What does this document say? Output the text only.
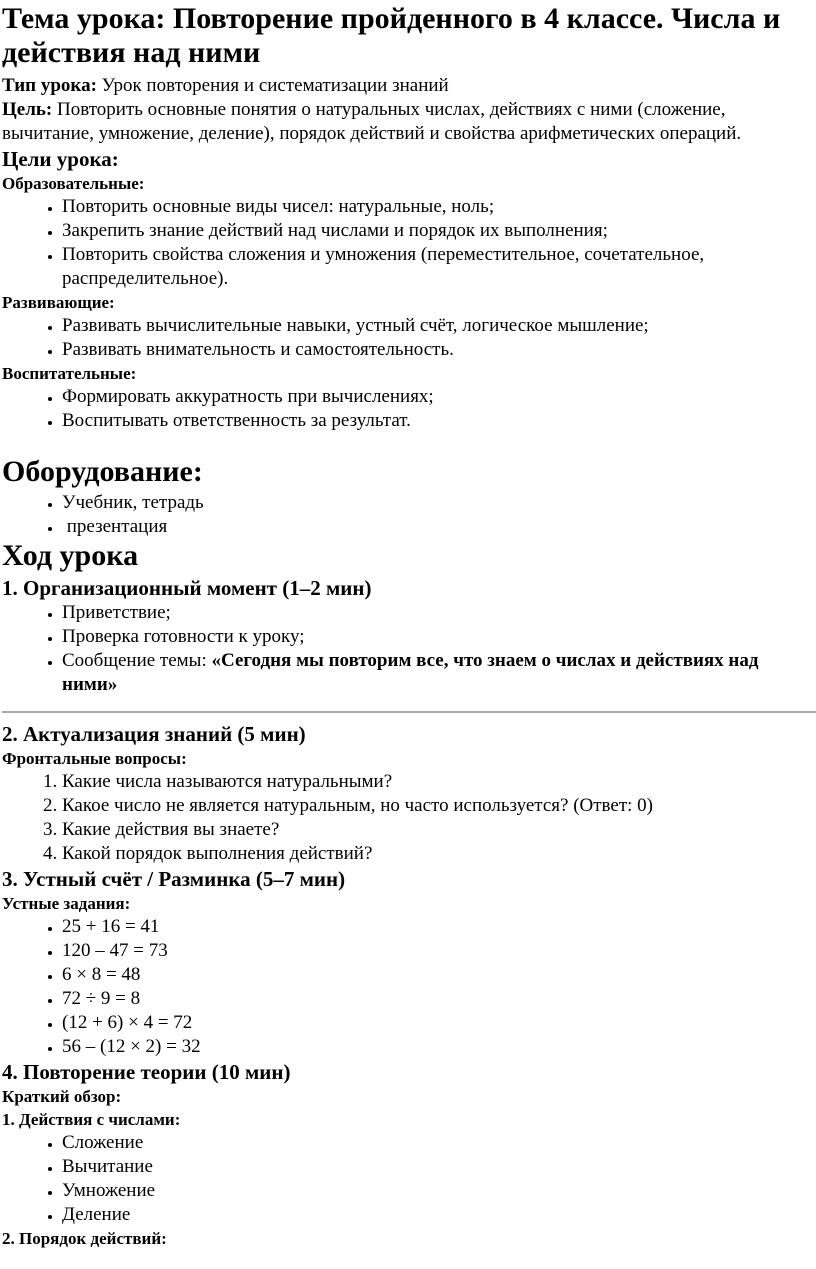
Тема урока: Повторение пройденного в 4 классе. Числа и действия над ними

Тип урока: Урок повторения и систематизации знаний

Цель: Повторить основные понятия о натуральных числах, действиях с ними (сложение, вычитание, умножение, деление), порядок действий и свойства арифметических операций.

Цели урока:
Образовательные:
• Повторить основные виды чисел: натуральные, ноль;
• Закрепить знание действий над числами и порядок их выполнения;
• Повторить свойства сложения и умножения (переместительное, сочетательное, распределительное).
Развивающие:
• Развивать вычислительные навыки, устный счёт, логическое мышление;
• Развивать внимательность и самостоятельность.
Воспитательные:
• Формировать аккуратность при вычислениях;
• Воспитывать ответственность за результат.
Оборудование:
• Учебник, тетрадь
•  презентация
Ход урока
1. Организационный момент (1–2 мин)
• Приветствие;
• Проверка готовности к уроку;
• Сообщение темы: «Сегодня мы повторим все, что знаем о числах и действиях над ними»
2. Актуализация знаний (5 мин)
Фронтальные вопросы:
1. Какие числа называются натуральными?
2. Какое число не является натуральным, но часто используется? (Ответ: 0)
3. Какие действия вы знаете?
4. Какой порядок выполнения действий?
3. Устный счёт / Разминка (5–7 мин)
Устные задания:
• 25 + 16 = 41
• 120 – 47 = 73
• 6 × 8 = 48
• 72 ÷ 9 = 8
• (12 + 6) × 4 = 72
• 56 – (12 × 2) = 32
4. Повторение теории (10 мин)
Краткий обзор:
1. Действия с числами:
• Сложение
• Вычитание
• Умножение
• Деление
2. Порядок действий:
